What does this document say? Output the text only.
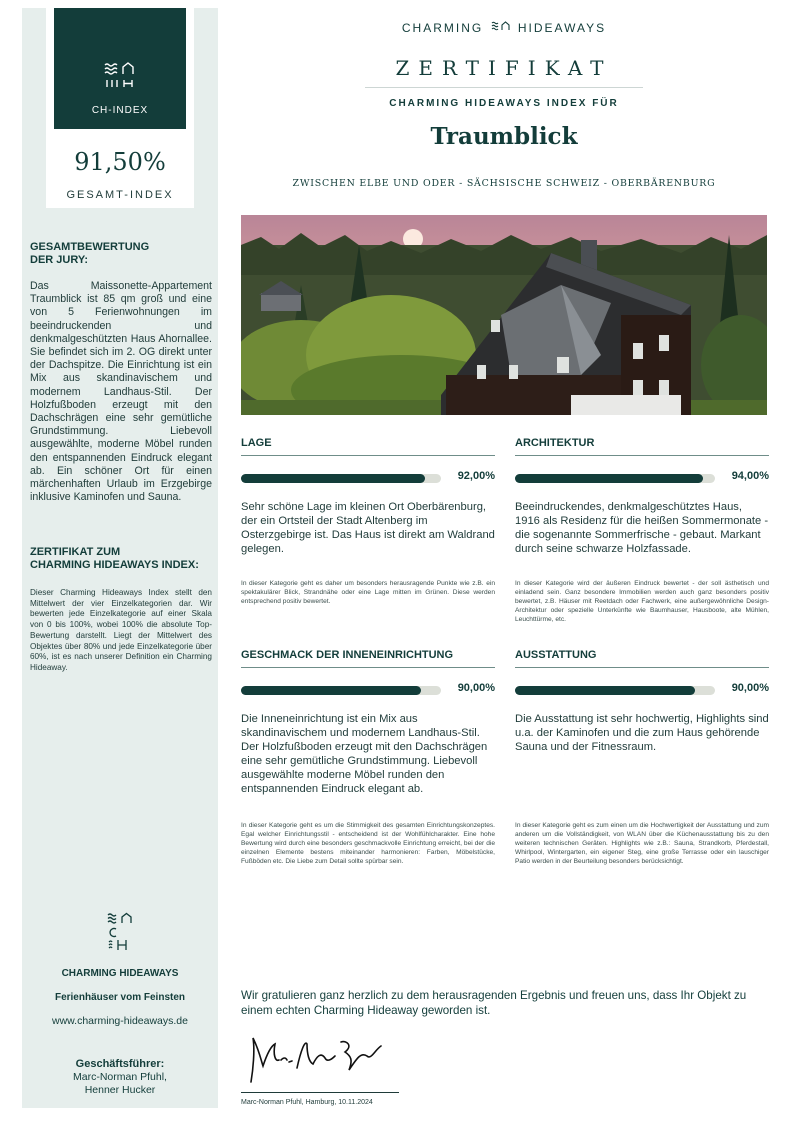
CH-INDEX
91,50%
GESAMT-INDEX
GESAMTBEWERTUNG
DER JURY:
Das Maissonette-Appartement Traumblick ist 85 qm groß und eine von 5 Ferienwohnungen im beeindruckenden und denkmalgeschützten Haus Ahornallee. Sie befindet sich im 2. OG direkt unter der Dachspitze. Die Einrichtung ist ein Mix aus skandinavischem und modernem Landhaus-Stil. Der Holzfußboden erzeugt mit den Dachschrägen eine sehr gemütliche Grundstimmung. Liebevoll ausgewählte, moderne Möbel runden den entspannenden Eindruck elegant ab. Ein schöner Ort für einen märchenhaften Urlaub im Erzgebirge inklusive Kaminofen und Sauna.
ZERTIFIKAT ZUM
CHARMING HIDEAWAYS INDEX:
Dieser Charming Hideaways Index stellt den Mittelwert der vier Einzelkategorien dar. Wir bewerten jede Einzelkategorie auf einer Skala von 0 bis 100%, wobei 100% die absolute Top-Bewertung darstellt. Liegt der Mittelwert des Objektes über 80% und jede Einzelkategorie über 60%, ist es nach unserer Definition ein Charming Hideaway.
CHARMING HIDEAWAYS
Ferienhäuser vom Feinsten
www.charming-hideaways.de
Geschäftsführer:
Marc-Norman Pfuhl,
Henner Hucker
CHARMING	HIDEAWAYS
ZERTIFIKAT
CHARMING HIDEAWAYS INDEX FÜR
Traumblick
ZWISCHEN ELBE UND ODER - SÄCHSISCHE SCHWEIZ - OBERBÄRENBURG
LAGE
92,00%
Sehr schöne Lage im kleinen Ort Oberbärenburg, der ein Ortsteil der Stadt Altenberg im Osterzgebirge ist. Das Haus ist direkt am Waldrand gelegen.
In dieser Kategorie geht es daher um besonders herausragende Punkte wie z.B. ein spektakulärer Blick, Strandnähe oder eine Lage mitten im Grünen. Diese werden entsprechend positiv bewertet.
ARCHITEKTUR
94,00%
Beeindruckendes, denkmalgeschütztes Haus, 1916 als Residenz für die heißen Sommermonate - die sogenannte Sommerfrische - gebaut. Markant durch seine schwarze Holzfassade.
In dieser Kategorie wird der äußeren Eindruck bewertet - der soll ästhetisch und einladend sein. Ganz besondere Immobilien werden auch ganz besonders positiv bewertet, z.B. Häuser mit Reetdach oder Fachwerk, eine außergewöhnliche Design-Architektur oder spezielle Unterkünfte wie Baumhauser, Hausboote, alte Mühlen, Leuchttürme, etc.
GESCHMACK DER INNENEINRICHTUNG
90,00%
Die Inneneinrichtung ist ein Mix aus skandinavischem und modernem Landhaus-Stil. Der Holzfußboden erzeugt mit den Dachschrägen eine sehr gemütliche Grundstimmung. Liebevoll ausgewählte moderne Möbel runden den entspannenden Eindruck elegant ab.
In dieser Kategorie geht es um die Stimmigkeit des gesamten Einrichtungskonzeptes. Egal welcher Einrichtungsstil - entscheidend ist der Wohlfühlcharakter. Eine hohe Bewertung wird durch eine besonders geschmackvolle Einrichtung erreicht, bei der die einzelnen Elemente bestens miteinander harmonieren: Farben, Möbelstücke, Fußböden etc. Die Liebe zum Detail sollte spürbar sein.
AUSSTATTUNG
90,00%
Die Ausstattung ist sehr hochwertig, Highlights sind u.a. der Kaminofen und die zum Haus gehörende Sauna und der Fitnessraum.
In dieser Kategorie geht es zum einen um die Hochwertigkeit der Ausstattung und zum anderen um die Vollständigkeit, von WLAN über die Küchenausstattung bis zu den weiteren technischen Geräten. Highlights wie z.B.: Sauna, Strandkorb, Pferdestall, Whirlpool, Wintergarten, ein eigener Steg, eine große Terrasse oder ein lauschiger Patio werden in der Beurteilung besonders berücksichtigt.
Wir gratulieren ganz herzlich zu dem herausragenden Ergebnis und freuen uns, dass Ihr Objekt zu einem echten Charming Hideaway geworden ist.
Marc-Norman Pfuhl, Hamburg, 10.11.2024
